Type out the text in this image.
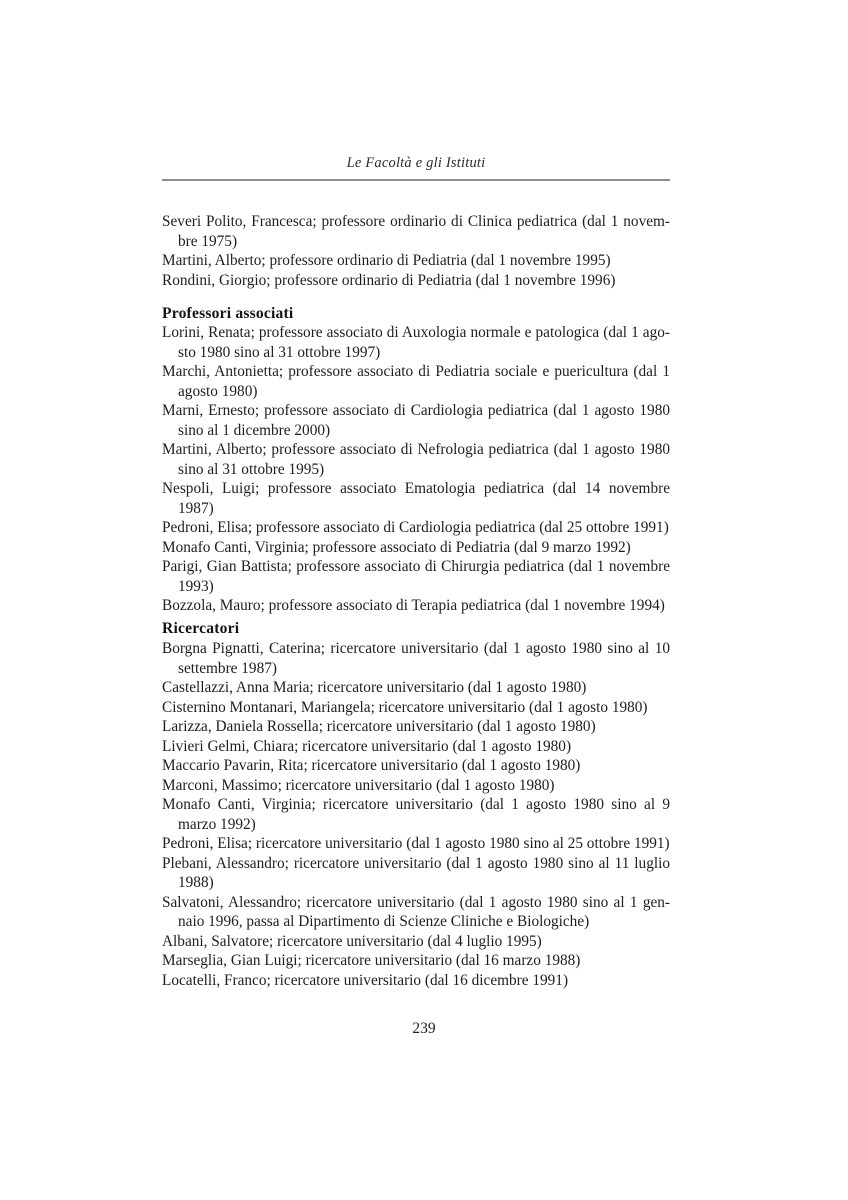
Le Facoltà e gli Istituti
Severi Polito, Francesca; professore ordinario di Clinica pediatrica (dal 1 novem-
bre 1975)
Martini, Alberto; professore ordinario di Pediatria (dal 1 novembre 1995)
Rondini, Giorgio; professore ordinario di Pediatria (dal 1 novembre 1996)
Professori associati
Lorini, Renata; professore associato di Auxologia normale e patologica (dal 1 ago-
sto 1980 sino al 31 ottobre 1997)
Marchi, Antonietta; professore associato di Pediatria sociale e puericultura (dal 1
agosto 1980)
Marni, Ernesto; professore associato di Cardiologia pediatrica (dal 1 agosto 1980
sino al 1 dicembre 2000)
Martini, Alberto; professore associato di Nefrologia pediatrica (dal 1 agosto 1980
sino al 31 ottobre 1995)
Nespoli, Luigi; professore associato Ematologia pediatrica (dal 14 novembre
1987)
Pedroni, Elisa; professore associato di Cardiologia pediatrica (dal 25 ottobre 1991)
Monafo Canti, Virginia; professore associato di Pediatria (dal 9 marzo 1992)
Parigi, Gian Battista; professore associato di Chirurgia pediatrica (dal 1 novembre
1993)
Bozzola, Mauro; professore associato di Terapia pediatrica (dal 1 novembre 1994)
Ricercatori
Borgna Pignatti, Caterina; ricercatore universitario (dal 1 agosto 1980 sino al 10
settembre 1987)
Castellazzi, Anna Maria; ricercatore universitario (dal 1 agosto 1980)
Cisternino Montanari, Mariangela; ricercatore universitario (dal 1 agosto 1980)
Larizza, Daniela Rossella; ricercatore universitario (dal 1 agosto 1980)
Livieri Gelmi, Chiara; ricercatore universitario (dal 1 agosto 1980)
Maccario Pavarin, Rita; ricercatore universitario (dal 1 agosto 1980)
Marconi, Massimo; ricercatore universitario (dal 1 agosto 1980)
Monafo Canti, Virginia; ricercatore universitario (dal 1 agosto 1980 sino al 9
marzo 1992)
Pedroni, Elisa; ricercatore universitario (dal 1 agosto 1980 sino al 25 ottobre 1991)
Plebani, Alessandro; ricercatore universitario (dal 1 agosto 1980 sino al 11 luglio
1988)
Salvatoni, Alessandro; ricercatore universitario (dal 1 agosto 1980 sino al 1 gen-
naio 1996, passa al Dipartimento di Scienze Cliniche e Biologiche)
Albani, Salvatore; ricercatore universitario (dal 4 luglio 1995)
Marseglia, Gian Luigi; ricercatore universitario (dal 16 marzo 1988)
Locatelli, Franco; ricercatore universitario (dal 16 dicembre 1991)
239
